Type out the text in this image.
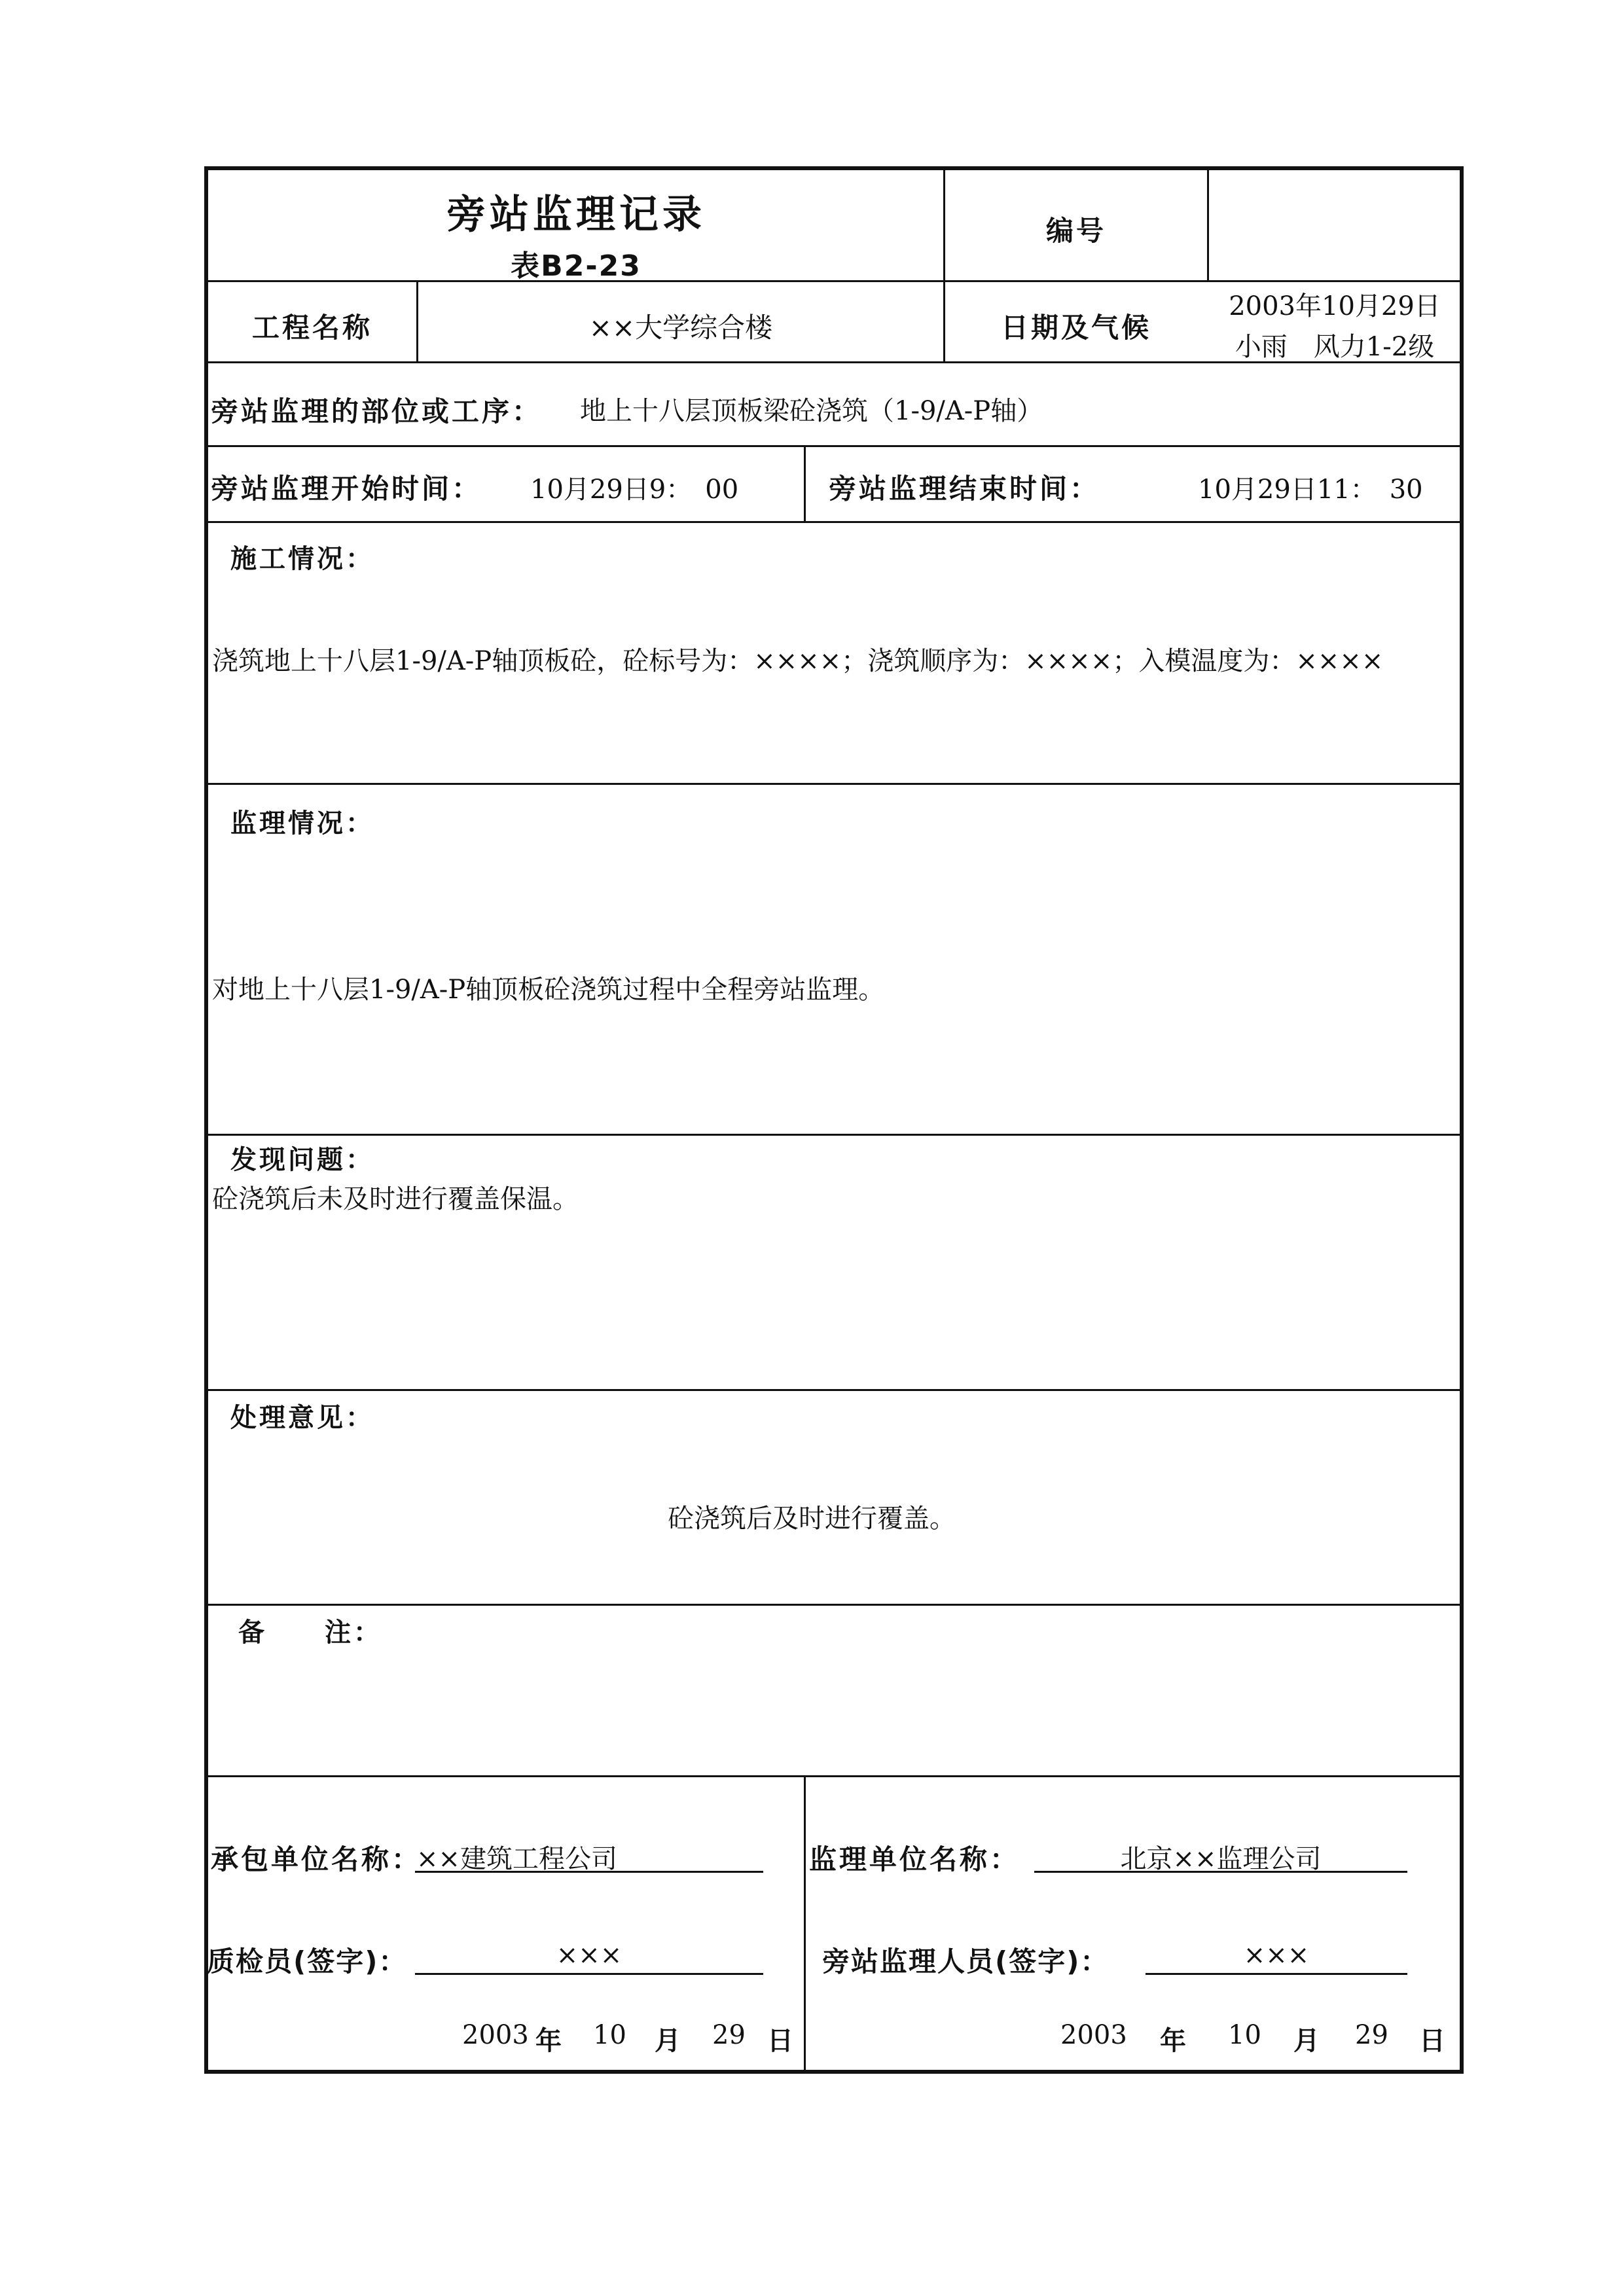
旁站监理记录
表B2-23
编号
工程名称	××大学综合楼	日期及气候
2003年10月29日
小雨　风力1-2级
旁站监理的部位或工序： 地上十八层顶板梁砼浇筑（1-9/A-P轴）
旁站监理开始时间： 10月29日9：　00	旁站监理结束时间：	10月29日11：　30
施工情况：
浇筑地上十八层1-9/A-P轴顶板砼，砼标号为：××××；浇筑顺序为：××××；入模温度为：××××
监理情况：
对地上十八层1-9/A-P轴顶板砼浇筑过程中全程旁站监理。
发现问题：
砼浇筑后未及时进行覆盖保温。
处理意见：
砼浇筑后及时进行覆盖。
备　　注：
承包单位名称：
××建筑工程公司
质检员(签字)：	×××
2003 年 10 月 29 日
监理单位名称：	北京××监理公司
旁站监理人员(签字)：	×××
2003 年 10 月 29 日
